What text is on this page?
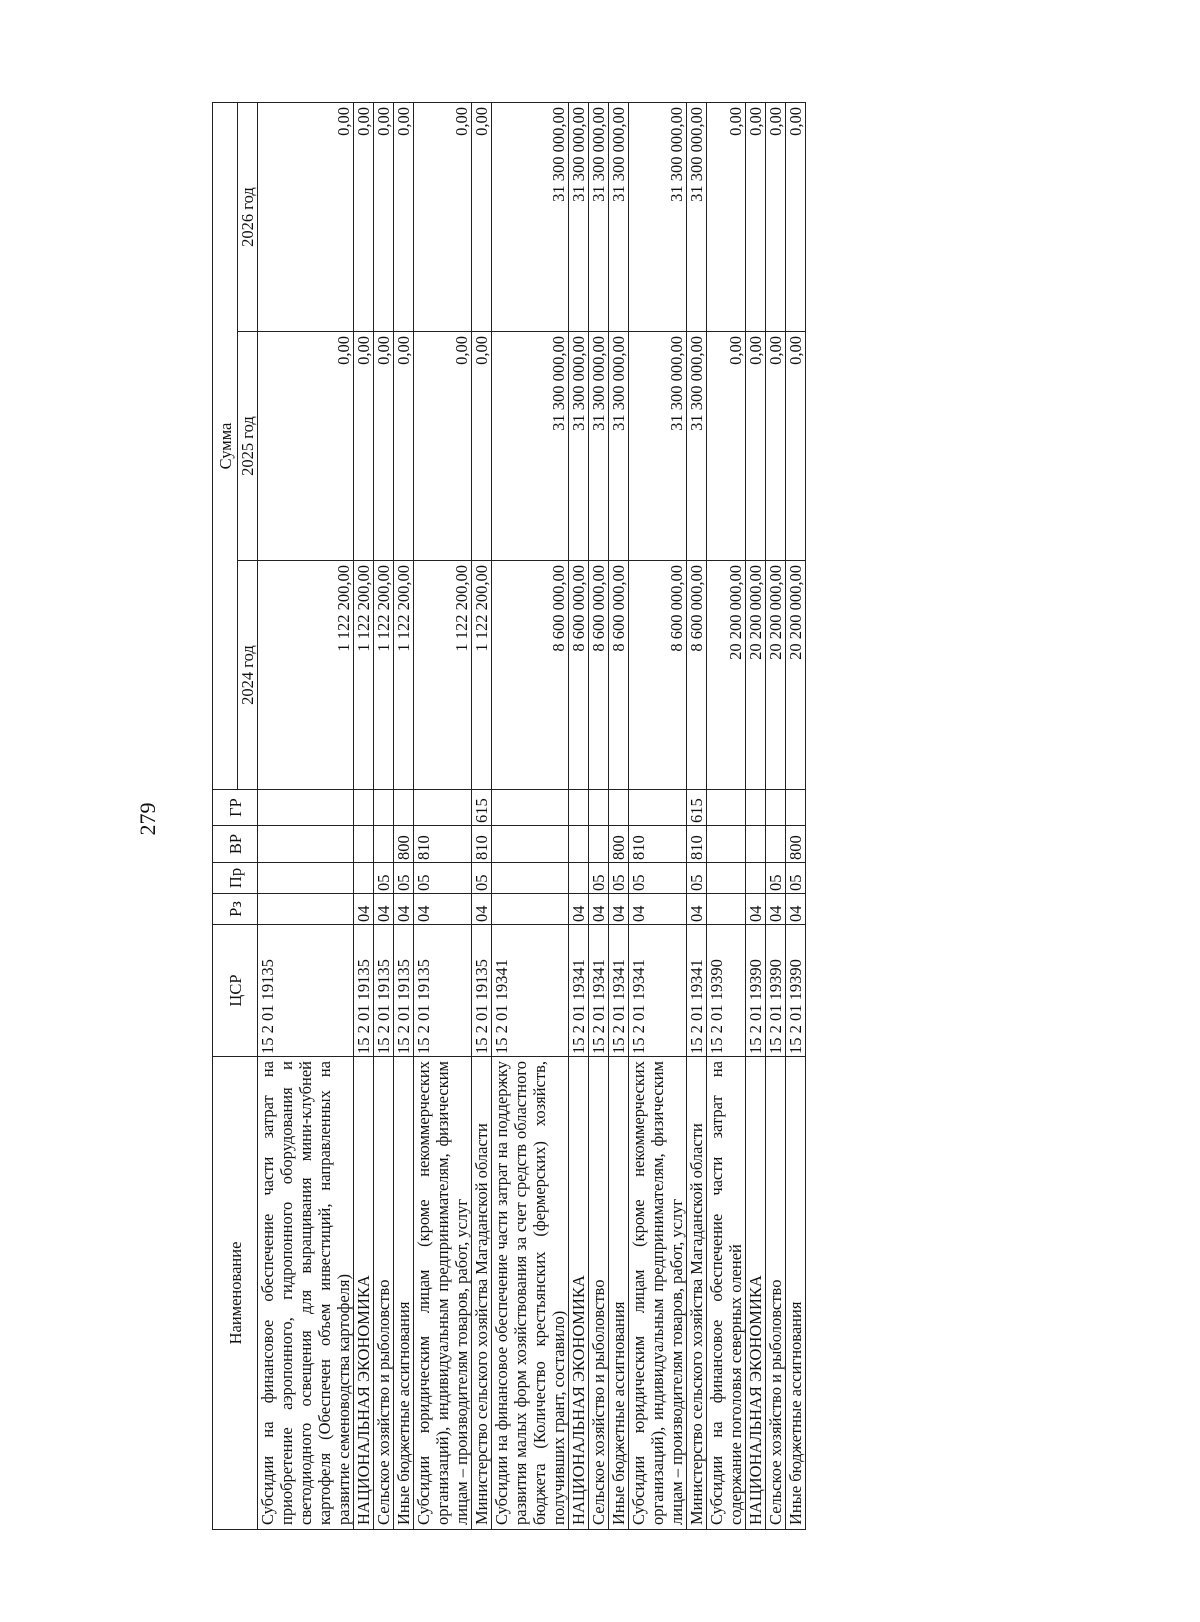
279
Наименование	ЦСР	Рз	Пр	ВР	ГР	Сумма		
						2024 год	2025 год	2026 год
Субсидии на финансовое обеспечение части затрат на приобретение аэропонного, гидропонного оборудования и светодиодного освещения для выращивания мини-клубней картофеля (Обеспечен объем инвестиций, направленных на развитие семеноводства картофеля)	15 2 01 19135					1 122 200,00	0,00	0,00
НАЦИОНАЛЬНАЯ ЭКОНОМИКА	15 2 01 19135	04				1 122 200,00	0,00	0,00
Сельское хозяйство и рыболовство	15 2 01 19135	04	05			1 122 200,00	0,00	0,00
Иные бюджетные ассигнования	15 2 01 19135	04	05	800		1 122 200,00	0,00	0,00
Субсидии юридическим лицам (кроме некоммерческих организаций), индивидуальным предпринимателям, физическим лицам – производителям товаров, работ, услуг	15 2 01 19135	04	05	810		1 122 200,00	0,00	0,00
Министерство сельского хозяйства Магаданской области	15 2 01 19135	04	05	810	615	1 122 200,00	0,00	0,00
Субсидии на финансовое обеспечение части затрат на поддержку развития малых форм хозяйствования за счет средств областного бюджета (Количество крестьянских (фермерских) хозяйств, получивших грант, составило)	15 2 01 19341					8 600 000,00	31 300 000,00	31 300 000,00
НАЦИОНАЛЬНАЯ ЭКОНОМИКА	15 2 01 19341	04				8 600 000,00	31 300 000,00	31 300 000,00
Сельское хозяйство и рыболовство	15 2 01 19341	04	05			8 600 000,00	31 300 000,00	31 300 000,00
Иные бюджетные ассигнования	15 2 01 19341	04	05	800		8 600 000,00	31 300 000,00	31 300 000,00
Субсидии юридическим лицам (кроме некоммерческих организаций), индивидуальным предпринимателям, физическим лицам – производителям товаров, работ, услуг	15 2 01 19341	04	05	810		8 600 000,00	31 300 000,00	31 300 000,00
Министерство сельского хозяйства Магаданской области	15 2 01 19341	04	05	810	615	8 600 000,00	31 300 000,00	31 300 000,00
Субсидии на финансовое обеспечение части затрат на содержание поголовья северных оленей	15 2 01 19390					20 200 000,00	0,00	0,00
НАЦИОНАЛЬНАЯ ЭКОНОМИКА	15 2 01 19390	04				20 200 000,00	0,00	0,00
Сельское хозяйство и рыболовство	15 2 01 19390	04	05			20 200 000,00	0,00	0,00
Иные бюджетные ассигнования	15 2 01 19390	04	05	800		20 200 000,00	0,00	0,00
